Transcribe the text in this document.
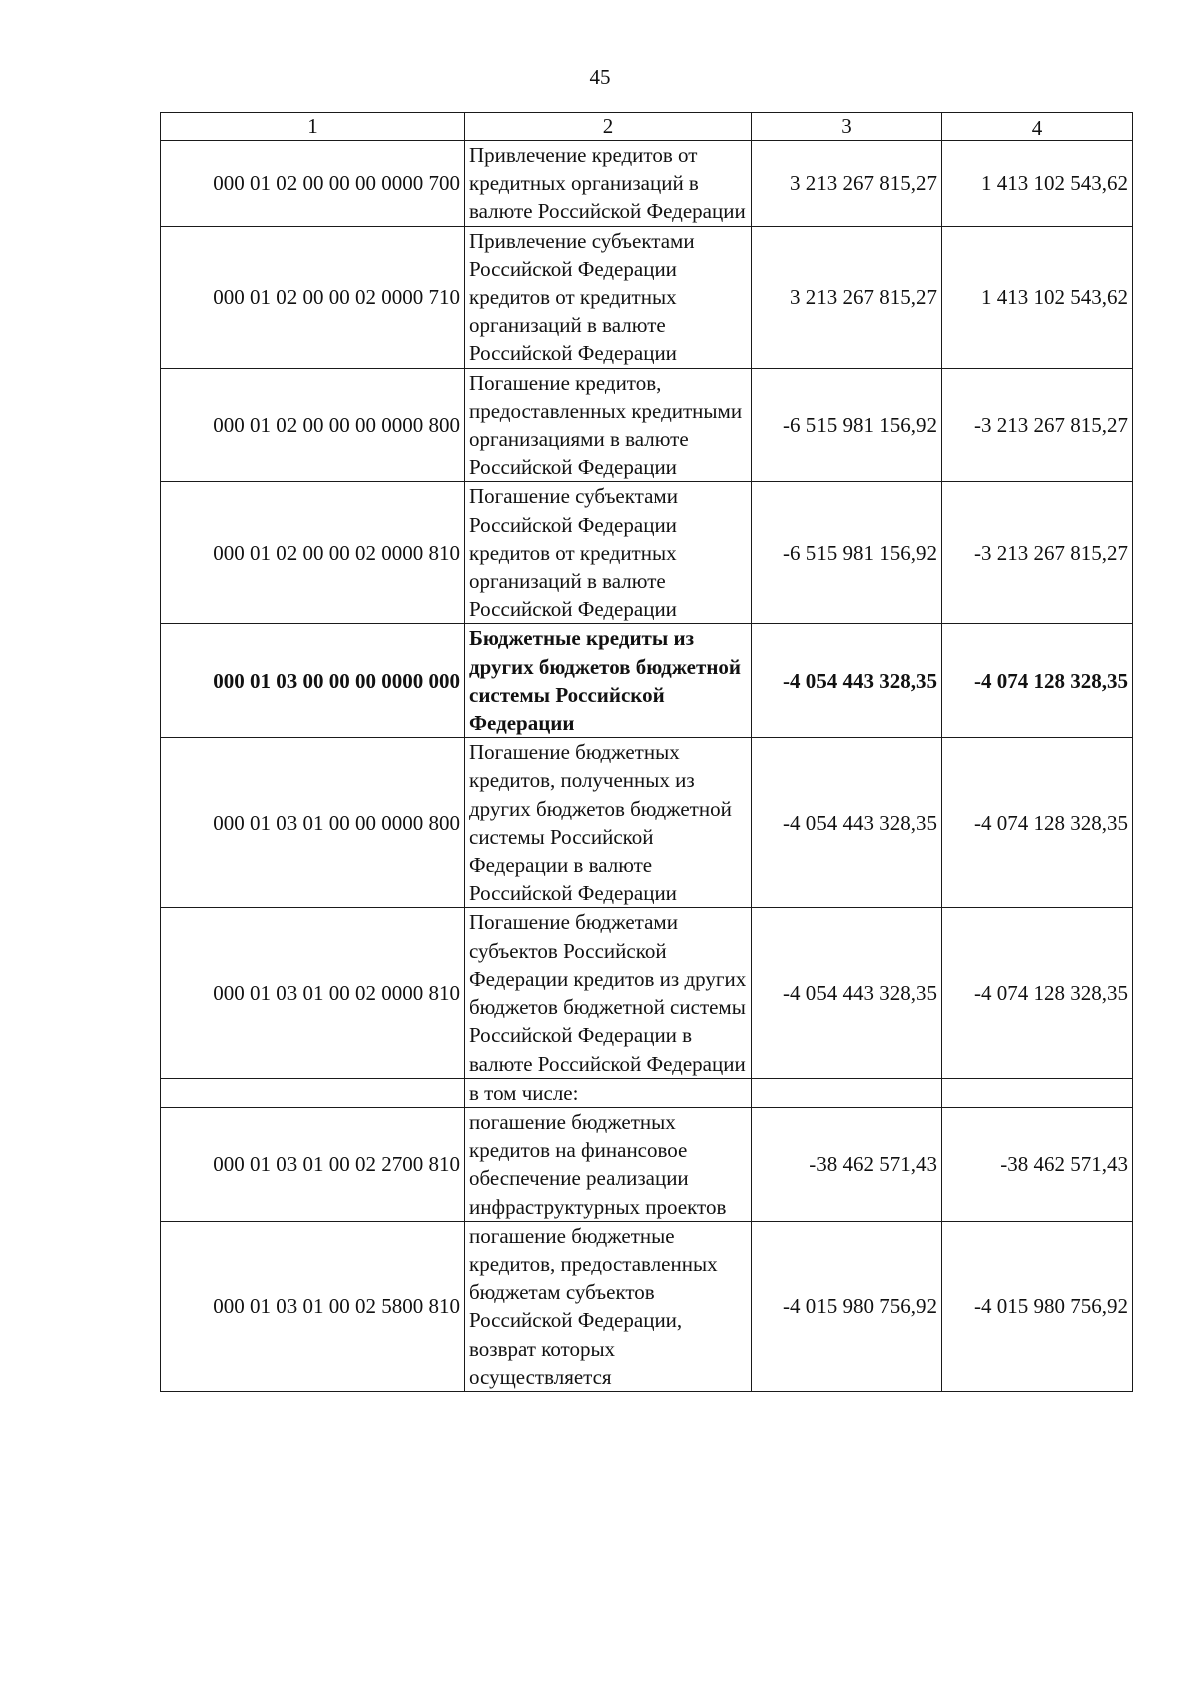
45
1	2	3	4
000 01 02 00 00 00 0000 700	Привлечение кредитов от кредитных организаций в валюте Российской Федерации	3 213 267 815,27	1 413 102 543,62
000 01 02 00 00 02 0000 710	Привлечение субъектами Российской Федерации кредитов от кредитных организаций в валюте Российской Федерации	3 213 267 815,27	1 413 102 543,62
000 01 02 00 00 00 0000 800	Погашение кредитов, предоставленных кредитными организациями в валюте Российской Федерации	-6 515 981 156,92	-3 213 267 815,27
000 01 02 00 00 02 0000 810	Погашение субъектами Российской Федерации кредитов от кредитных организаций в валюте Российской Федерации	-6 515 981 156,92	-3 213 267 815,27
000 01 03 00 00 00 0000 000	Бюджетные кредиты из других бюджетов бюджетной системы Российской Федерации	-4 054 443 328,35	-4 074 128 328,35
000 01 03 01 00 00 0000 800	Погашение бюджетных кредитов, полученных из других бюджетов бюджетной системы Российской Федерации в валюте Российской Федерации	-4 054 443 328,35	-4 074 128 328,35
000 01 03 01 00 02 0000 810	Погашение бюджетами субъектов Российской Федерации кредитов из других бюджетов бюджетной системы Российской Федерации в валюте Российской Федерации	-4 054 443 328,35	-4 074 128 328,35
	в том числе:		
000 01 03 01 00 02 2700 810	погашение бюджетных кредитов на финансовое обеспечение реализации инфраструктурных проектов	-38 462 571,43	-38 462 571,43
000 01 03 01 00 02 5800 810	погашение бюджетные кредитов, предоставленных бюджетам субъектов Российской Федерации, возврат которых осуществляется	-4 015 980 756,92	-4 015 980 756,92
